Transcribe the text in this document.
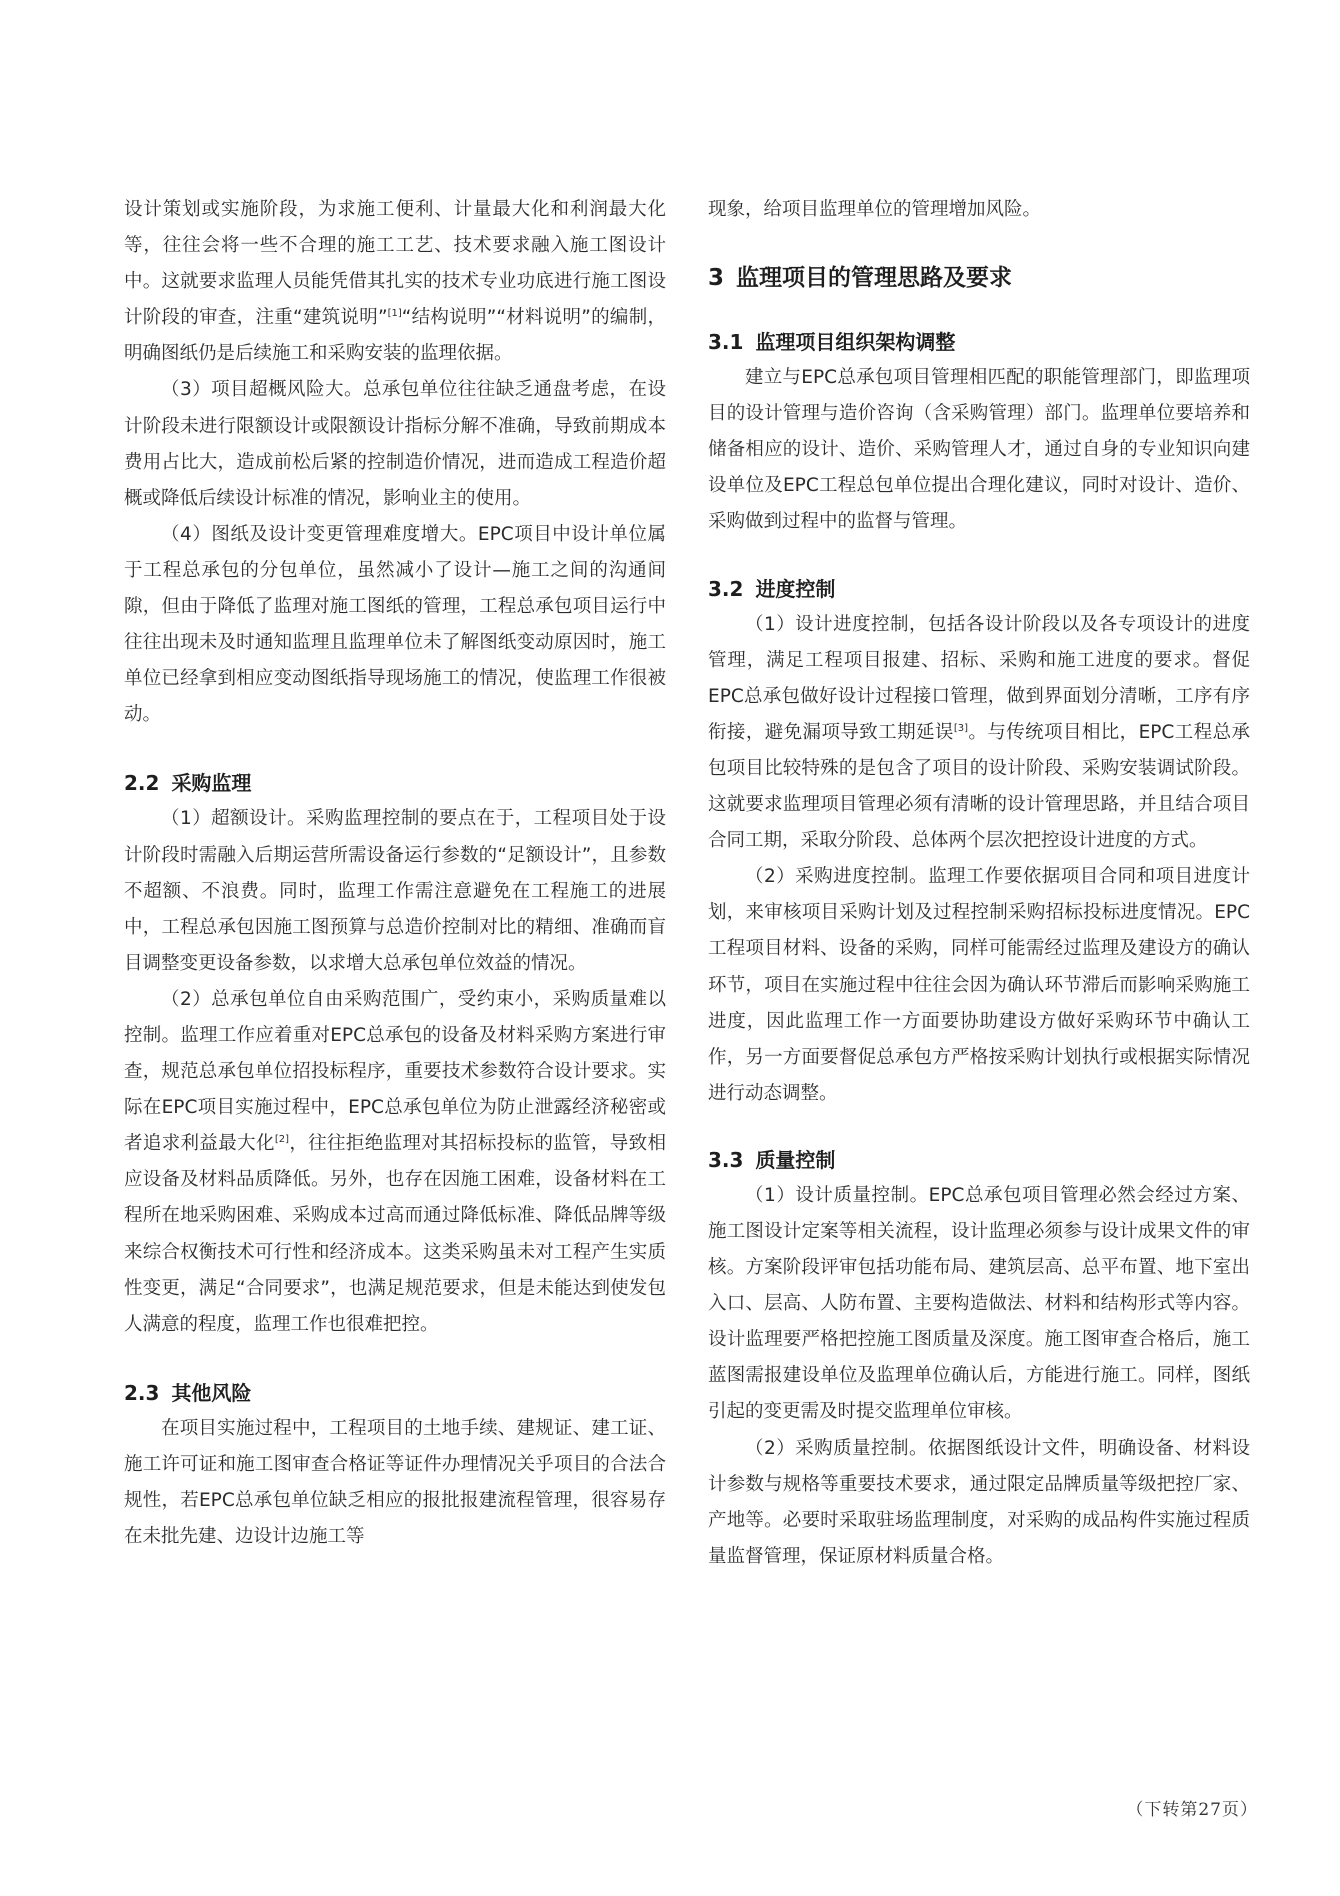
设计策划或实施阶段，为求施工便利、计量最大化和利润最大化等，往往会将一些不合理的施工工艺、技术要求融入施工图设计中。这就要求监理人员能凭借其扎实的技术专业功底进行施工图设计阶段的审查，注重“建筑说明”[1]“结构说明”“材料说明”的编制，明确图纸仍是后续施工和采购安装的监理依据。

（3）项目超概风险大。总承包单位往往缺乏通盘考虑，在设计阶段未进行限额设计或限额设计指标分解不准确，导致前期成本费用占比大，造成前松后紧的控制造价情况，进而造成工程造价超概或降低后续设计标准的情况，影响业主的使用。

（4）图纸及设计变更管理难度增大。EPC项目中设计单位属于工程总承包的分包单位，虽然减小了设计—施工之间的沟通间隙，但由于降低了监理对施工图纸的管理，工程总承包项目运行中往往出现未及时通知监理且监理单位未了解图纸变动原因时，施工单位已经拿到相应变动图纸指导现场施工的情况，使监理工作很被动。

2.2 采购监理

（1）超额设计。采购监理控制的要点在于，工程项目处于设计阶段时需融入后期运营所需设备运行参数的“足额设计”，且参数不超额、不浪费。同时，监理工作需注意避免在工程施工的进展中，工程总承包因施工图预算与总造价控制对比的精细、准确而盲目调整变更设备参数，以求增大总承包单位效益的情况。

（2）总承包单位自由采购范围广，受约束小，采购质量难以控制。监理工作应着重对EPC总承包的设备及材料采购方案进行审查，规范总承包单位招投标程序，重要技术参数符合设计要求。实际在EPC项目实施过程中，EPC总承包单位为防止泄露经济秘密或者追求利益最大化[2]，往往拒绝监理对其招标投标的监管，导致相应设备及材料品质降低。另外，也存在因施工困难，设备材料在工程所在地采购困难、采购成本过高而通过降低标准、降低品牌等级来综合权衡技术可行性和经济成本。这类采购虽未对工程产生实质性变更，满足“合同要求”，也满足规范要求，但是未能达到使发包人满意的程度，监理工作也很难把控。

2.3 其他风险

在项目实施过程中，工程项目的土地手续、建规证、建工证、施工许可证和施工图审查合格证等证件办理情况关乎项目的合法合规性，若EPC总承包单位缺乏相应的报批报建流程管理，很容易存在未批先建、边设计边施工等

现象，给项目监理单位的管理增加风险。

3 监理项目的管理思路及要求
3.1 监理项目组织架构调整

建立与EPC总承包项目管理相匹配的职能管理部门，即监理项目的设计管理与造价咨询（含采购管理）部门。监理单位要培养和储备相应的设计、造价、采购管理人才，通过自身的专业知识向建设单位及EPC工程总包单位提出合理化建议，同时对设计、造价、采购做到过程中的监督与管理。

3.2 进度控制

（1）设计进度控制，包括各设计阶段以及各专项设计的进度管理，满足工程项目报建、招标、采购和施工进度的要求。督促EPC总承包做好设计过程接口管理，做到界面划分清晰，工序有序衔接，避免漏项导致工期延误[3]。与传统项目相比，EPC工程总承包项目比较特殊的是包含了项目的设计阶段、采购安装调试阶段。这就要求监理项目管理必须有清晰的设计管理思路，并且结合项目合同工期，采取分阶段、总体两个层次把控设计进度的方式。

（2）采购进度控制。监理工作要依据项目合同和项目进度计划，来审核项目采购计划及过程控制采购招标投标进度情况。EPC工程项目材料、设备的采购，同样可能需经过监理及建设方的确认环节，项目在实施过程中往往会因为确认环节滞后而影响采购施工进度，因此监理工作一方面要协助建设方做好采购环节中确认工作，另一方面要督促总承包方严格按采购计划执行或根据实际情况进行动态调整。

3.3 质量控制

（1）设计质量控制。EPC总承包项目管理必然会经过方案、施工图设计定案等相关流程，设计监理必须参与设计成果文件的审核。方案阶段评审包括功能布局、建筑层高、总平布置、地下室出入口、层高、人防布置、主要构造做法、材料和结构形式等内容。设计监理要严格把控施工图质量及深度。施工图审查合格后，施工蓝图需报建设单位及监理单位确认后，方能进行施工。同样，图纸引起的变更需及时提交监理单位审核。

（2）采购质量控制。依据图纸设计文件，明确设备、材料设计参数与规格等重要技术要求，通过限定品牌质量等级把控厂家、产地等。必要时采取驻场监理制度，对采购的成品构件实施过程质量监督管理，保证原材料质量合格。

（下转第27页）
